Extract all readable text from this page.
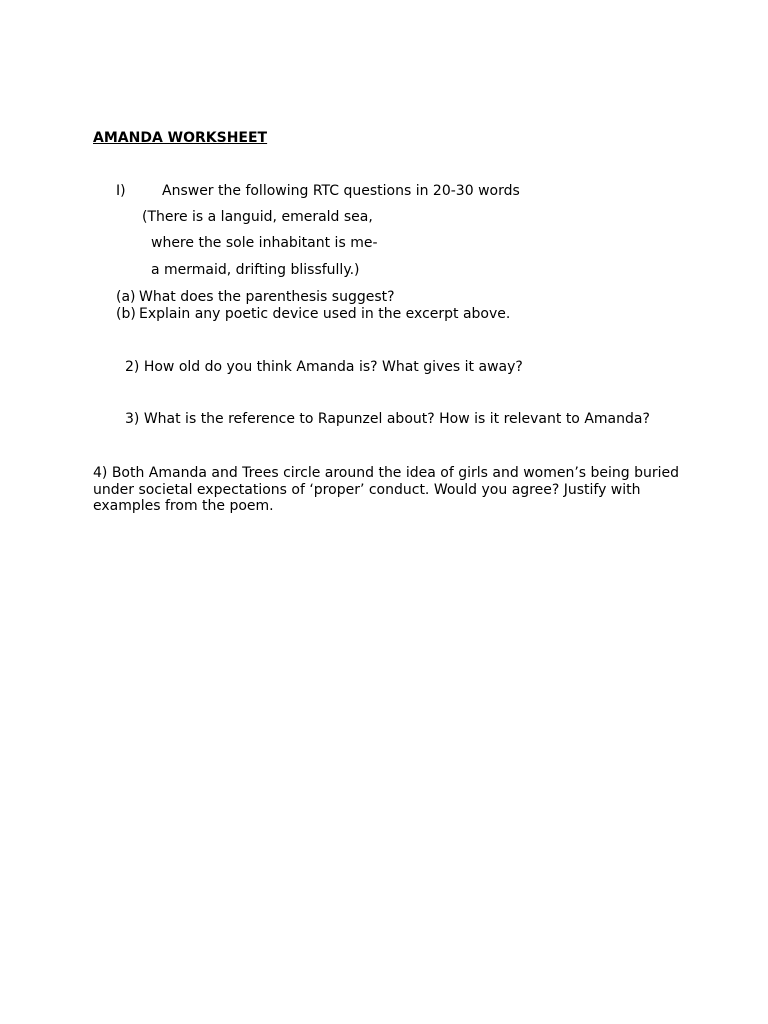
AMANDA WORKSHEET
I)	Answer the following RTC questions in 20-30 words
(There is a languid, emerald sea,
where the sole inhabitant is me-
a mermaid, drifting blissfully.)
(a) What does the parenthesis suggest?
(b) Explain any poetic device used in the excerpt above.
2) How old do you think Amanda is? What gives it away?
3) What is the reference to Rapunzel about? How is it relevant to Amanda?
4) Both Amanda and Trees circle around the idea of girls and women’s being buried under societal expectations of ‘proper’ conduct. Would you agree? Justify with examples from the poem.
